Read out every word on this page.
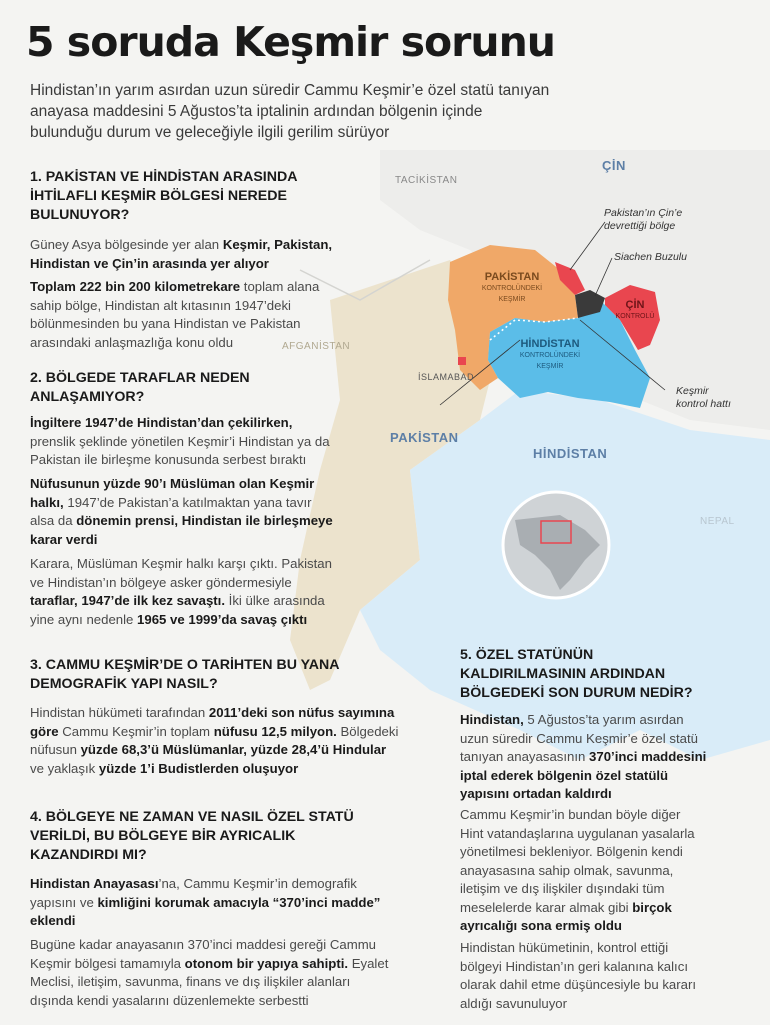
TACİKİSTAN
ÇİN
AFGANİSTAN
PAKİSTAN
HİNDİSTAN
NEPAL
İSLAMABAD
PAKİSTAN
KONTROLÜNDEKİ
KEŞMİR
HİNDİSTAN
KONTROLÜNDEKİ
KEŞMİR
ÇİN
KONTROLÜ
Pakistan’ın Çin’e
devrettiği bölge
Siachen Buzulu
Keşmir
kontrol hattı
5 soruda Keşmir sorunu

Hindistan’ın yarım asırdan uzun süredir Cammu Keşmir’e özel statü tanıyan anayasa maddesini 5 Ağustos’ta iptalinin ardından bölgenin içinde bulunduğu durum ve geleceğiyle ilgili gerilim sürüyor

1. PAKİSTAN VE HİNDİSTAN ARASINDA
İHTİLAFLI KEŞMİR BÖLGESİ NEREDE
BULUNUYOR?
Güney Asya bölgesinde yer alan Keşmir, Pakistan,
Hindistan ve Çin’in arasında yer alıyor
Toplam 222 bin 200 kilometrekare toplam alana
sahip bölge, Hindistan alt kıtasının 1947’deki
bölünmesinden bu yana Hindistan ve Pakistan
arasındaki anlaşmazlığa konu oldu
2. BÖLGEDE TARAFLAR NEDEN
ANLAŞAMIYOR?
İngiltere 1947’de Hindistan’dan çekilirken,
prenslik şeklinde yönetilen Keşmir’i Hindistan ya da
Pakistan ile birleşme konusunda serbest bıraktı
Nüfusunun yüzde 90’ı Müslüman olan Keşmir
halkı, 1947’de Pakistan’a katılmaktan yana tavır
alsa da dönemin prensi, Hindistan ile birleşmeye
karar verdi
Karara, Müslüman Keşmir halkı karşı çıktı. Pakistan
ve Hindistan’ın bölgeye asker göndermesiyle
taraflar, 1947’de ilk kez savaştı. İki ülke arasında
yine aynı nedenle 1965 ve 1999’da savaş çıktı
3. CAMMU KEŞMİR’DE O TARİHTEN BU YANA
DEMOGRAFİK YAPI NASIL?
Hindistan hükümeti tarafından 2011’deki son nüfus sayımına
göre Cammu Keşmir’in toplam nüfusu 12,5 milyon. Bölgedeki
nüfusun yüzde 68,3’ü Müslümanlar, yüzde 28,4’ü Hindular
ve yaklaşık yüzde 1’i Budistlerden oluşuyor
4. BÖLGEYE NE ZAMAN VE NASIL ÖZEL STATÜ
VERİLDİ, BU BÖLGEYE BİR AYRICALIK
KAZANDIRDI MI?
Hindistan Anayasası’na, Cammu Keşmir’in demografik
yapısını ve kimliğini korumak amacıyla “370’inci madde”
eklendi
Bugüne kadar anayasanın 370’inci maddesi gereği Cammu
Keşmir bölgesi tamamıyla otonom bir yapıya sahipti. Eyalet
Meclisi, iletişim, savunma, finans ve dış ilişkiler alanları
dışında kendi yasalarını düzenlemekte serbestti
5. ÖZEL STATÜNÜN
KALDIRILMASININ ARDINDAN
BÖLGEDEKİ SON DURUM NEDİR?
Hindistan, 5 Ağustos’ta yarım asırdan
uzun süredir Cammu Keşmir’e özel statü
tanıyan anayasasının 370’inci maddesini
iptal ederek bölgenin özel statülü
yapısını ortadan kaldırdı
Cammu Keşmir’in bundan böyle diğer
Hint vatandaşlarına uygulanan yasalarla
yönetilmesi bekleniyor. Bölgenin kendi
anayasasına sahip olmak, savunma,
iletişim ve dış ilişkiler dışındaki tüm
meselelerde karar almak gibi birçok
ayrıcalığı sona ermiş oldu
Hindistan hükümetinin, kontrol ettiği
bölgeyi Hindistan’ın geri kalanına kalıcı
olarak dahil etme düşüncesiyle bu kararı
aldığı savunuluyor
